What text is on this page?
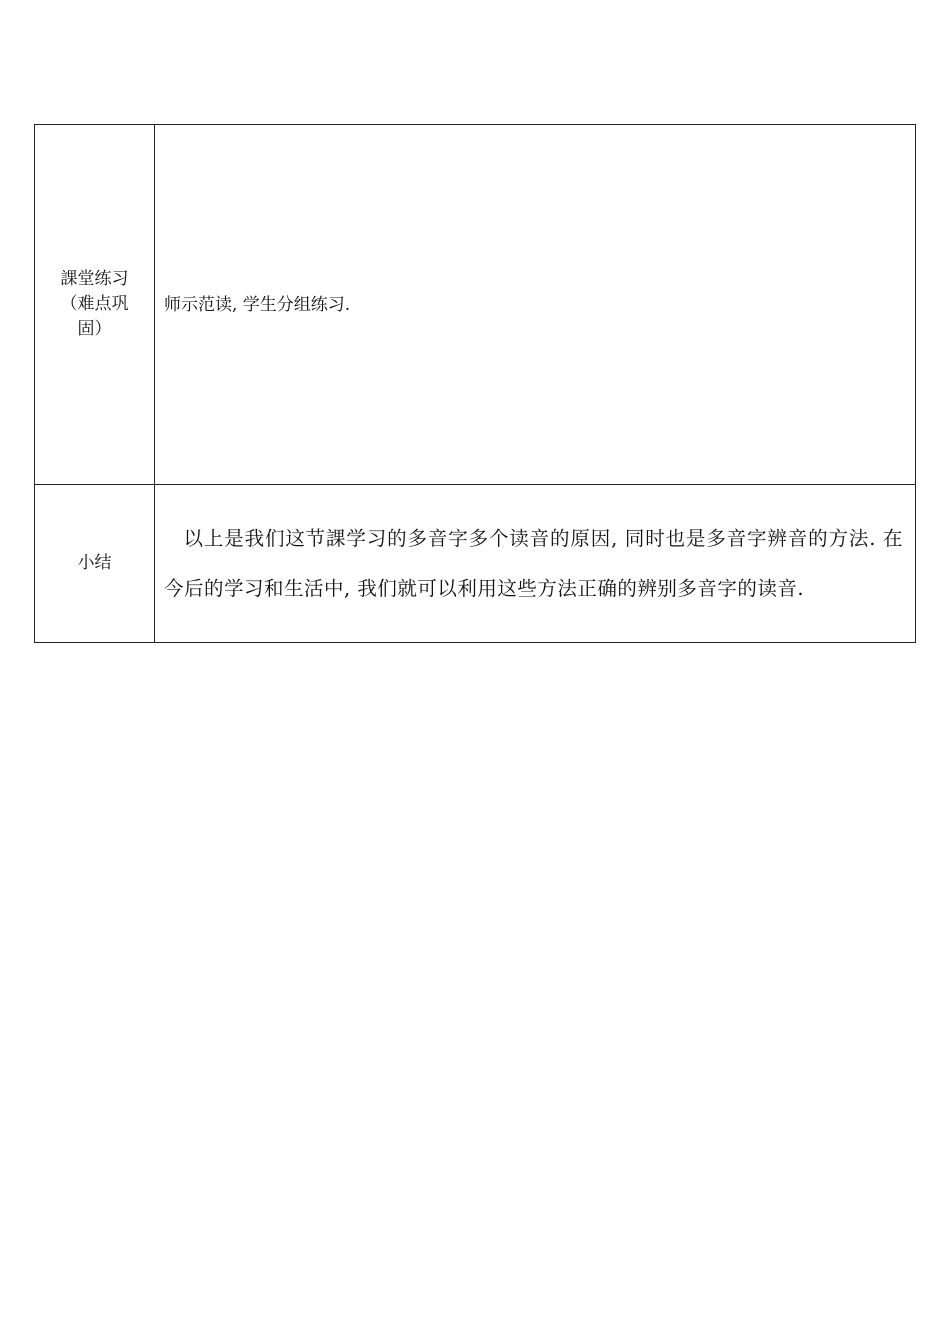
課堂练习
（难点巩
固）	师示范读, 学生分组练习.

小结	以上是我们这节課学习的多音字多个读音的原因, 同时也是多音字辨音的方法. 在今后的学习和生活中, 我们就可以利用这些方法正确的辨别多音字的读音.
